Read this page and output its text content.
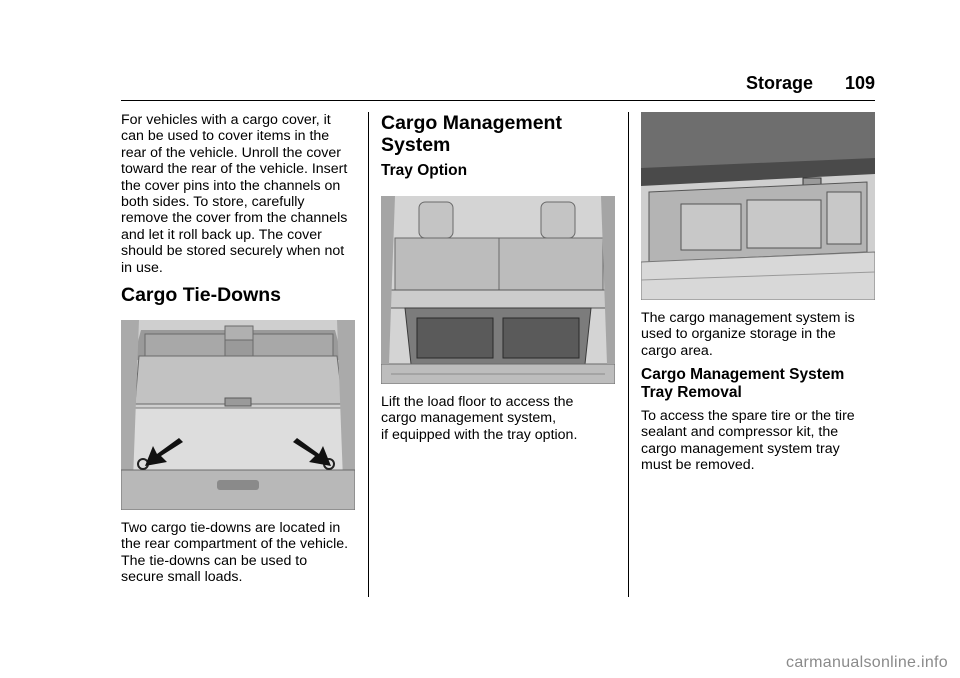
Storage 109

For vehicles with a cargo cover, it
can be used to cover items in the
rear of the vehicle. Unroll the cover
toward the rear of the vehicle. Insert
the cover pins into the channels on
both sides. To store, carefully
remove the cover from the channels
and let it roll back up. The cover
should be stored securely when not
in use.

Cargo Tie-Downs

Two cargo tie-downs are located in
the rear compartment of the vehicle.
The tie-downs can be used to
secure small loads.

Cargo Management
System
Tray Option

Lift the load floor to access the
cargo management system,
if equipped with the tray option.

The cargo management system is
used to organize storage in the
cargo area.

Cargo Management System
Tray Removal

To access the spare tire or the tire
sealant and compressor kit, the
cargo management system tray
must be removed.

carmanualsonline.info
